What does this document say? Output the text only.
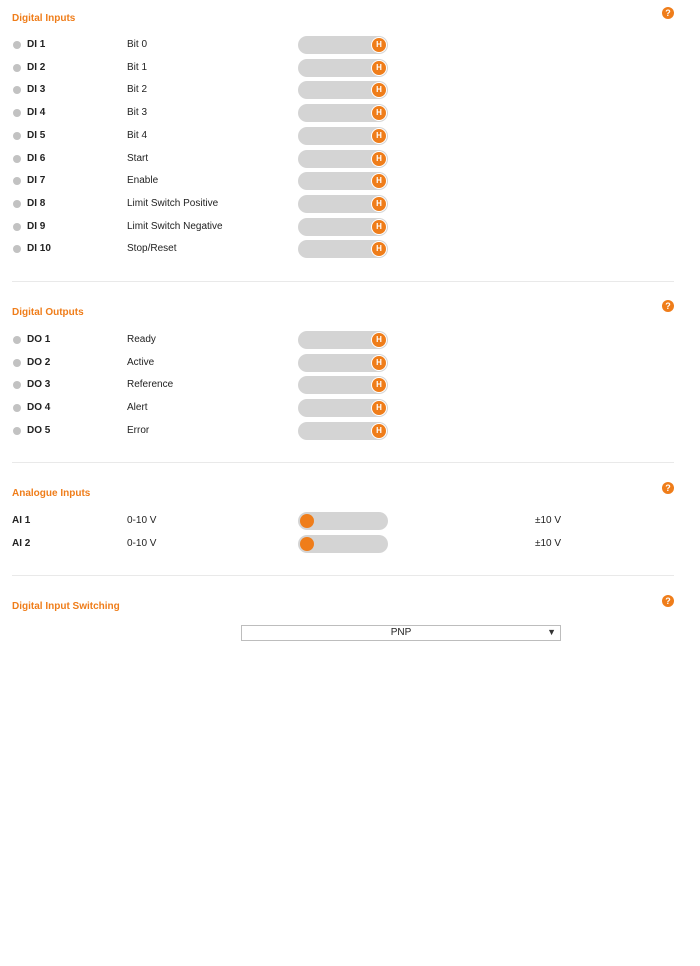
Digital Inputs	?
DI 1	Bit 0	H
DI 2	Bit 1	H
DI 3	Bit 2	H
DI 4	Bit 3	H
DI 5	Bit 4	H
DI 6	Start	H
DI 7	Enable	H
DI 8	Limit Switch Positive	H
DI 9	Limit Switch Negative	H
DI 10	Stop/Reset	H
Digital Outputs
?
DO 1	Ready	H
DO 2	Active	H
DO 3	Reference	H
DO 4	Alert	H
DO 5	Error	H
Analogue Inputs	?
AI 1	0-10 V	±10 V
AI 2	0-10 V	±10 V
Digital Input Switching	?
PNP	▼
